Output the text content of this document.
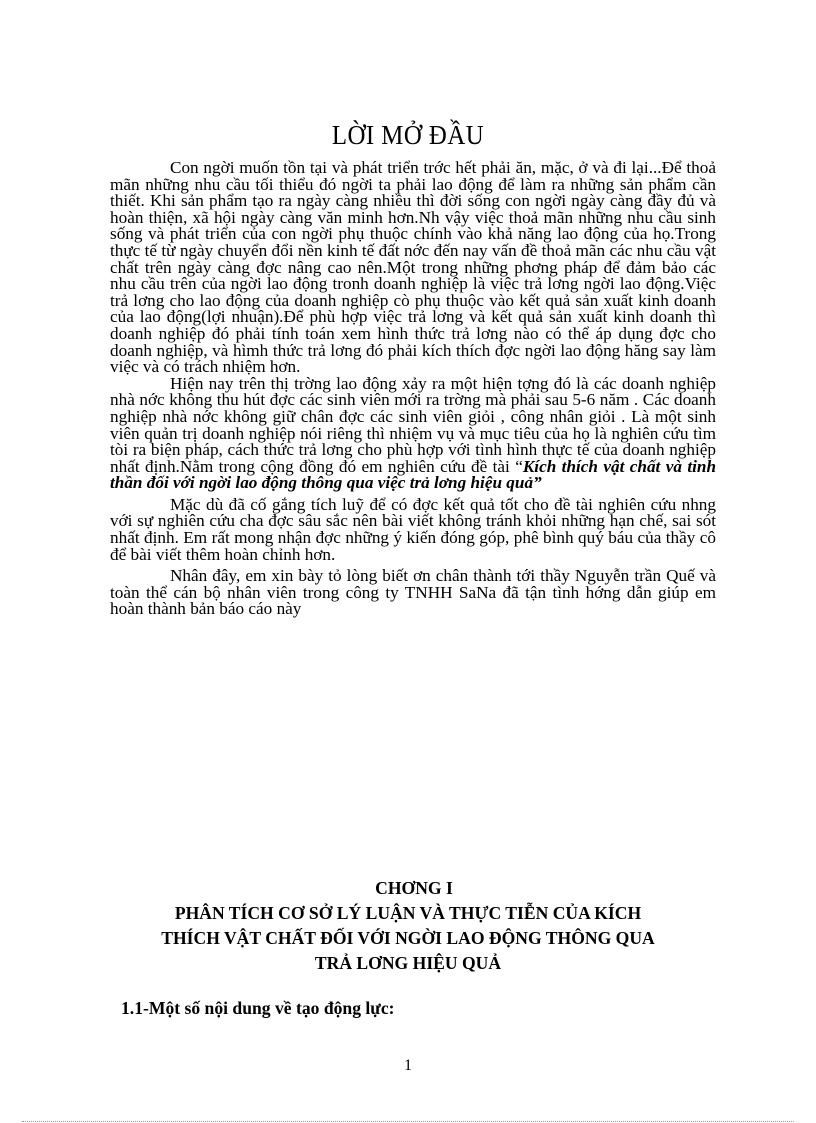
LỜI MỞ ĐẦU

Con ngời muốn tồn tại và phát triển trớc hết phải ăn, mặc, ở và đi lại...Để thoả mãn những nhu cầu tối thiểu đó ngời ta phải lao động để làm ra những sản phẩm cần thiết. Khi sản phẩm tạo ra ngày càng nhiều thì đời sống con ngời ngày càng đầy đủ và hoàn thiện, xã hội ngày càng văn minh hơn.Nh vậy việc thoả mãn những nhu cầu sinh sống và phát triển của con ngời phụ thuộc chính vào khả năng lao động của họ.Trong thực tế từ ngày chuyển đổi nền kinh tế đất nớc đến nay vấn đề thoả mãn các nhu cầu vật chất trên ngày càng đợc nâng cao nên.Một trong những phơng pháp để đảm bảo các nhu cầu trên của ngời lao động tronh doanh nghiệp là việc trả lơng ngời lao động.Việc trả lơng cho lao động của doanh nghiệp cò phụ thuộc vào kết quả sản xuất kinh doanh của lao động(lợi nhuận).Để phù hợp việc trả lơng và kết quả sản xuất kinh doanh thì doanh nghiệp đó phải tính toán xem hình thức trả lơng nào có thể áp dụng đợc cho doanh nghiệp, và hìmh thức trả lơng đó phải kích thích đợc ngời lao động hăng say làm việc và có trách nhiệm hơn.

Hiện nay trên thị trờng lao động xảy ra một hiện tợng đó là các doanh nghiệp nhà nớc không thu hút đợc các sinh viên mới ra trờng mà phải sau 5-6 năm . Các doanh nghiệp nhà nớc không giữ chân đợc các sinh viên giỏi , công nhân giỏi . Là một sinh viên quản trị doanh nghiệp nói riêng thì nhiệm vụ và mục tiêu của họ là nghiên cứu tìm tòi ra biện pháp, cách thức trả lơng cho phù hợp với tình hình thực tế của doanh nghiệp nhất định.Nằm trong cộng đồng đó em nghiên cứu đề tài “Kích thích vật chất và tinh thần đối với ngời lao động thông qua việc trả lơng hiệu quả”

Mặc dù đã cố gắng tích luỹ để có đợc kết quả tốt cho đề tài nghiên cứu nhng với sự nghiên cứu cha đợc sâu sắc nên bài viết không tránh khỏi những hạn chế, sai sót nhất định. Em rất mong nhận đợc những ý kiến đóng góp, phê bình quý báu của thầy cô để bài viết thêm hoàn chỉnh hơn.

Nhân đây, em xin bày tỏ lòng biết ơn chân thành tới thầy Nguyễn trần Quế và toàn thể cán bộ nhân viên trong công ty TNHH SaNa đã tận tình hớng dẫn giúp em hoàn thành bản báo cáo này

CHƠNG I
PHÂN TÍCH CƠ SỞ LÝ LUẬN VÀ THỰC TIỄN CỦA KÍCH
THÍCH VẬT CHẤT ĐỐI VỚI NGỜI LAO ĐỘNG THÔNG QUA
TRẢ LƠNG HIỆU QUẢ
1.1-Một số nội dung về tạo động lực:
1
